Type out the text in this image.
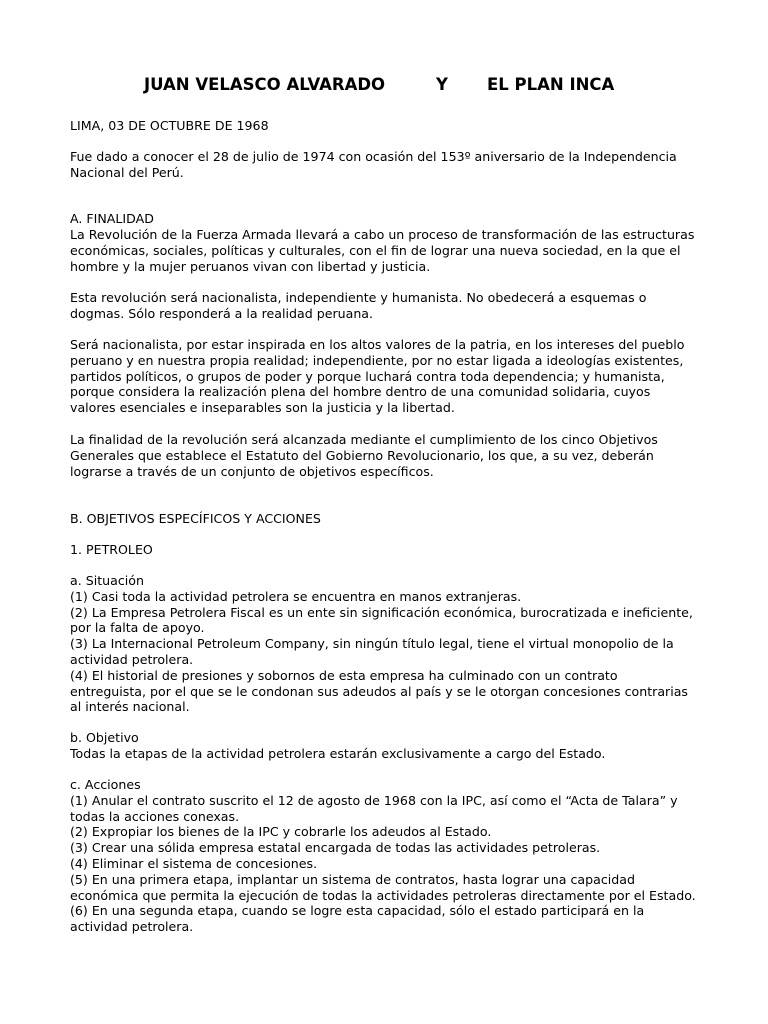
JUAN VELASCO ALVARADO	Y EL PLAN INCA
LIMA, 03 DE OCTUBRE DE 1968
Fue dado a conocer el 28 de julio de 1974 con ocasión del 153º aniversario de la Independencia
Nacional del Perú.
A. FINALIDAD
La Revolución de la Fuerza Armada llevará a cabo un proceso de transformación de las estructuras
económicas, sociales, políticas y culturales, con el fin de lograr una nueva sociedad, en la que el
hombre y la mujer peruanos vivan con libertad y justicia.
Esta revolución será nacionalista, independiente y humanista. No obedecerá a esquemas o
dogmas. Sólo responderá a la realidad peruana.
Será nacionalista, por estar inspirada en los altos valores de la patria, en los intereses del pueblo
peruano y en nuestra propia realidad; independiente, por no estar ligada a ideologías existentes,
partidos políticos, o grupos de poder y porque luchará contra toda dependencia; y humanista,
porque considera la realización plena del hombre dentro de una comunidad solidaria, cuyos
valores esenciales e inseparables son la justicia y la libertad.
La finalidad de la revolución será alcanzada mediante el cumplimiento de los cinco Objetivos
Generales que establece el Estatuto del Gobierno Revolucionario, los que, a su vez, deberán
lograrse a través de un conjunto de objetivos específicos.
B. OBJETIVOS ESPECÍFICOS Y ACCIONES
1. PETROLEO
a. Situación
(1) Casi toda la actividad petrolera se encuentra en manos extranjeras.
(2) La Empresa Petrolera Fiscal es un ente sin significación económica, burocratizada e ineficiente,
por la falta de apoyo.
(3) La Internacional Petroleum Company, sin ningún título legal, tiene el virtual monopolio de la
actividad petrolera.
(4) El historial de presiones y sobornos de esta empresa ha culminado con un contrato
entreguista, por el que se le condonan sus adeudos al país y se le otorgan concesiones contrarias
al interés nacional.
b. Objetivo
Todas la etapas de la actividad petrolera estarán exclusivamente a cargo del Estado.
c. Acciones
(1) Anular el contrato suscrito el 12 de agosto de 1968 con la IPC, así como el “Acta de Talara” y
todas la acciones conexas.
(2) Expropiar los bienes de la IPC y cobrarle los adeudos al Estado.
(3) Crear una sólida empresa estatal encargada de todas las actividades petroleras.
(4) Eliminar el sistema de concesiones.
(5) En una primera etapa, implantar un sistema de contratos, hasta lograr una capacidad
económica que permita la ejecución de todas la actividades petroleras directamente por el Estado.
(6) En una segunda etapa, cuando se logre esta capacidad, sólo el estado participará en la
actividad petrolera.
